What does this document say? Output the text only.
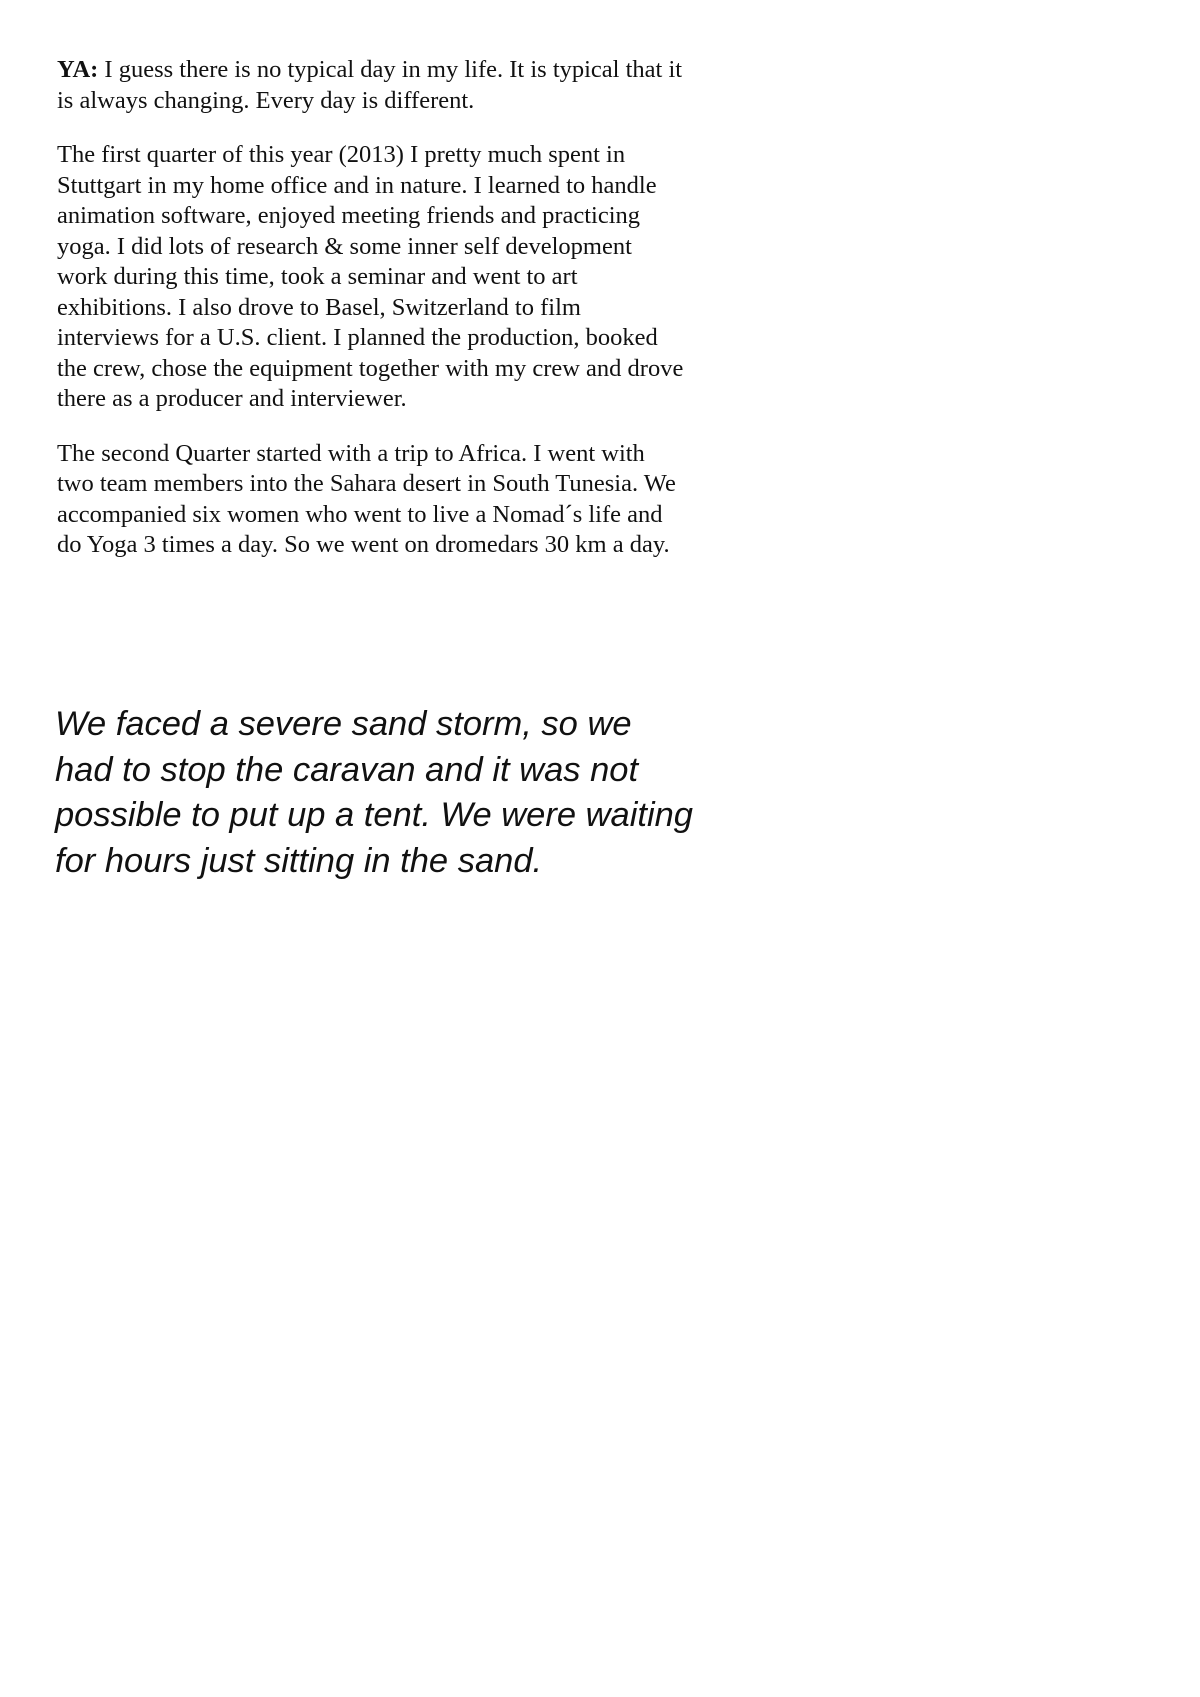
YA: I guess there is no typical day in my life. It is typical that it is always changing. Every day is different.

The first quarter of this year (2013) I pretty much spent in Stuttgart in my home office and in nature. I learned to handle animation software, enjoyed meeting friends and practicing yoga. I did lots of research & some inner self development work during this time, took a seminar and went to art exhibitions. I also drove to Basel, Switzerland to film interviews for a U.S. client. I planned the production, booked the crew, chose the equipment together with my crew and drove there as a producer and interviewer.

The second Quarter started with a trip to Africa. I went with two team members into the Sahara desert in South Tunesia. We accompanied six women who went to live a Nomad´s life and do Yoga 3 times a day. So we went on dromedars 30 km a day.

We faced a severe sand storm, so we had to stop the caravan and it was not possible to put up a tent. We were waiting for hours just sitting in the sand.
